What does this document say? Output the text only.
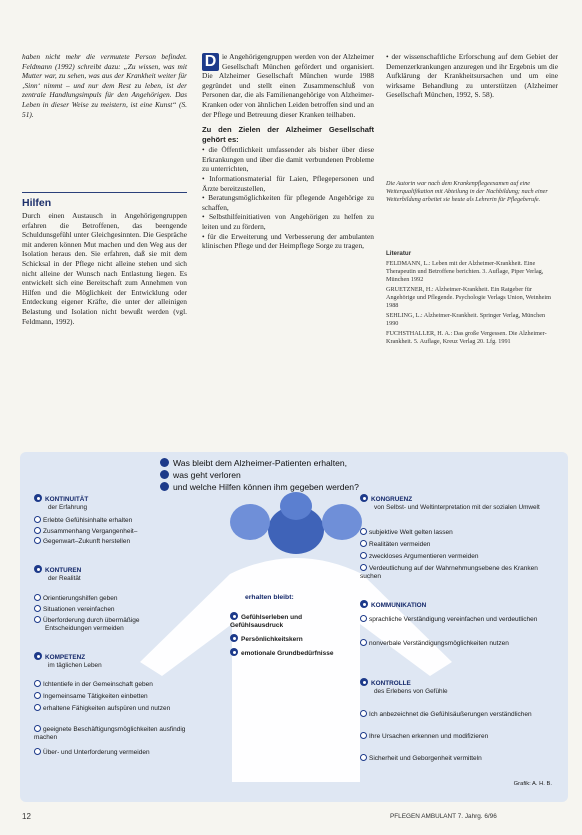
haben nicht mehr die vermutete Person befindet. Feldmann (1992) schreibt dazu: „Zu wissen, was mit Mutter war, zu sehen, was aus der Krankheit weiter für ‚Sinn‘ nimmt – und nur dem Rest zu leben, ist der zentrale Handlungsimpuls für den Angehörigen. Das Leben in dieser Weise zu meistern, ist eine Kunst“ (S. 51).

Hilfen

Durch einen Austausch in Angehörigengruppen erfahren die Betroffenen, das beengende Schuldunsgefühl unter Gleichgesinnten. Die Gespräche mit anderen können Mut machen und den Weg aus der Isolation heraus den. Sie erfahren, daß sie mit dem Schicksal in der Pflege nicht alleine stehen und sich nicht alleine der Wunsch nach Entlastung liegen. Es entwickelt sich eine Bereitschaft zum Annehmen von Hilfen und die Möglichkeit der Entwicklung oder Entdeckung eigener Kräfte, die unter der alleinigen Belastung und Isolation nicht bewußt werden (vgl. Feldmann, 1992).

D ie Angehörigengruppen werden von der Alzheimer Gesellschaft München gefördert und organisiert. Die Alzheimer Gesellschaft München wurde 1988 gegründet und stellt einen Zusammenschluß von Personen dar, die als Familienangehörige von Alzheimer-Kranken oder von ähnlichen Leiden betroffen sind und an der Pflege und Betreuung dieser Kranken teilhaben.

Zu den Zielen der Alzheimer Gesellschaft gehört es:

• die Öffentlichkeit umfassender als bisher über diese Erkrankungen und über die damit verbundenen Probleme zu unterrichten,

• Informationsmaterial für Laien, Pflegepersonen und Ärzte bereitzustellen,

• Beratungsmöglichkeiten für pflegende Angehörige zu schaffen,

• Selbsthilfeinitiativen von Angehörigen zu helfen zu leiten und zu fördern,

• für die Erweiterung und Verbesserung der ambulanten klinischen Pflege und der Heimpflege Sorge zu tragen,

• der wissenschaftliche Erforschung auf dem Gebiet der Demenzerkrankungen anzuregen und ihr Ergebnis um die Aufklärung der Krankheitsursachen und um eine wirksame Behandlung zu unterstützen (Alzheimer Gesellschaft München, 1992, S. 58).

Die Autorin war nach dem Krankenpflegeexamen auf eine Weiterqualifikation mit Abteilung in der Nachbildung; nach einer Weiterbildung arbeitet sie heute als Lehrerin für Pflegeberufe.

Literatur

FELDMANN, L.: Leben mit der Alzheimer-Krankheit. Eine Therapeutin und Betroffene berichten. 3. Auflage, Piper Verlag, München 1992

GRUETZNER, H.: Alzheimer-Krankheit. Ein Ratgeber für Angehörige und Pflegende. Psychologie Verlags Union, Weinheim 1988

SEHLING, L.: Alzheimer-Krankheit. Springer Verlag, München 1990

FUCHSTHALLER, H. A.: Das große Vergessen. Die Alzheimer-Krankheit. 5. Auflage, Kreuz Verlag 20. Lfg. 1991

Was bleibt dem Alzheimer-Patienten erhalten,
was geht verloren
und welche Hilfen können ihm gegeben werden?
KONTINUITÄT
der Erfahrung
Erlebte Gefühlsinhalte erhalten
Zusammenhang Vergangenheit–
Gegenwart–Zukunft herstellen
KONTUREN
der Realität
Orientierungshilfen geben
Situationen vereinfachen
Überforderung durch übermäßige
Entscheidungen vermeiden
KOMPETENZ
im täglichen Leben
Ichtentiefe in der Gemeinschaft geben
Ingemeinsame Tätigkeiten einbetten
erhaltene Fähigkeiten aufspüren und nutzen
geeignete Beschäftigungsmöglichkeiten ausfindig machen
Über- und Unterforderung vermeiden
erhalten bleibt:
Gefühlserleben und Gefühlsausdruck
Persönlichkeitskern
emotionale Grundbedürfnisse
KONGRUENZ
von Selbst- und Weltinterpretation mit der sozialen Umwelt
subjektive Welt gelten lassen
Realitäten vermeiden
zweckloses Argumentieren vermeiden
Verdeutlichung auf der Wahrnehmungsebene des Kranken suchen
KOMMUNIKATION
sprachliche Verständigung vereinfachen und verdeutlichen
nonverbale Verständigungsmöglichkeiten nutzen
KONTROLLE
des Erlebens von Gefühle
Ich anbezeichnet die Gefühlsäußerungen verständlichen
Ihre Ursachen erkennen und modifizieren
Sicherheit und Geborgenheit vermitteln
Grafik: A. H. B.
12	PFLEGEN AMBULANT 7. Jahrg. 6/96
